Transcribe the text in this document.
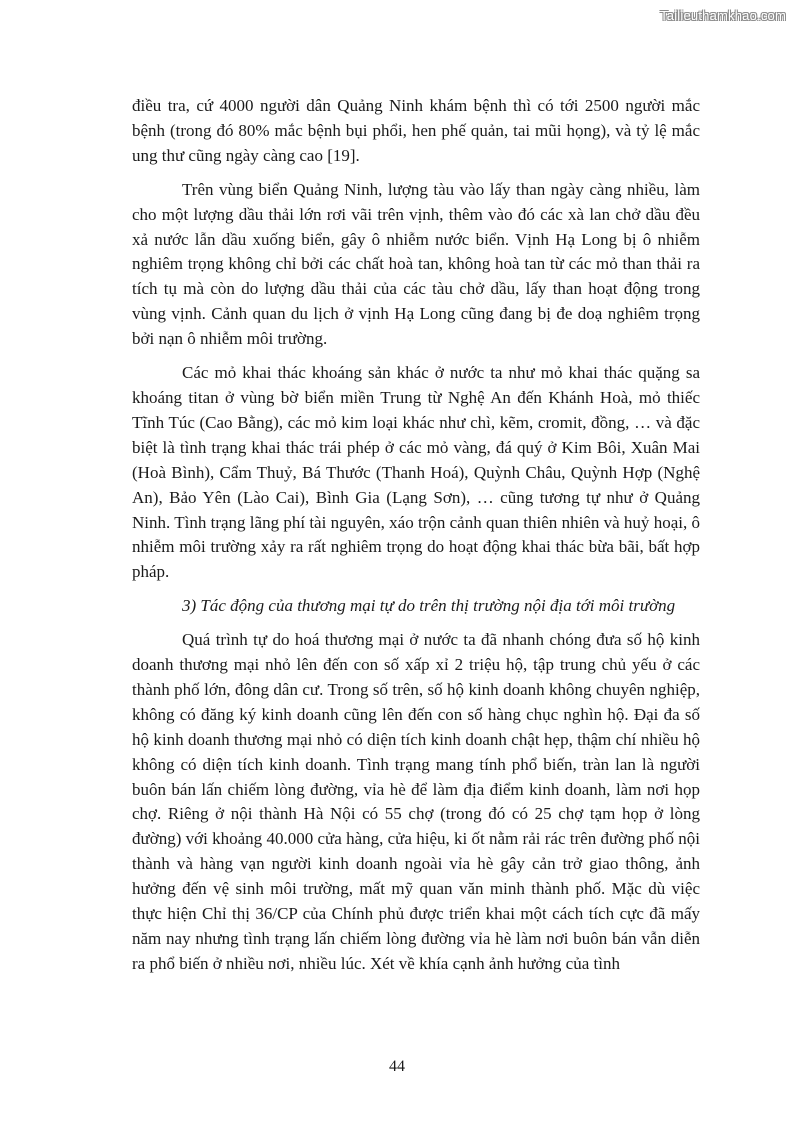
Tailieuthamkhao.com

điều tra, cứ 4000 người dân Quảng Ninh khám bệnh thì có tới 2500 người mắc bệnh (trong đó 80% mắc bệnh bụi phổi, hen phế quản, tai mũi họng), và tỷ lệ mắc ung thư cũng ngày càng cao [19].

Trên vùng biển Quảng Ninh, lượng tàu vào lấy than ngày càng nhiều, làm cho một lượng dầu thải lớn rơi vãi trên vịnh, thêm vào đó các xà lan chở dầu đều xả nước lẫn dầu xuống biển, gây ô nhiễm nước biển. Vịnh Hạ Long bị ô nhiễm nghiêm trọng không chỉ bởi các chất hoà tan, không hoà tan từ các mỏ than thải ra tích tụ mà còn do lượng dầu thải của các tàu chở dầu, lấy than hoạt động trong vùng vịnh. Cảnh quan du lịch ở vịnh Hạ Long cũng đang bị đe doạ nghiêm trọng bởi nạn ô nhiễm môi trường.

Các mỏ khai thác khoáng sản khác ở nước ta như mỏ khai thác quặng sa khoáng titan ở vùng bờ biển miền Trung từ Nghệ An đến Khánh Hoà, mỏ thiếc Tĩnh Túc (Cao Bằng), các mỏ kim loại khác như chì, kẽm, cromit, đồng, … và đặc biệt là tình trạng khai thác trái phép ở các mỏ vàng, đá quý ở Kim Bôi, Xuân Mai (Hoà Bình), Cẩm Thuỷ, Bá Thước (Thanh Hoá), Quỳnh Châu, Quỳnh Hợp (Nghệ An), Bảo Yên (Lào Cai), Bình Gia (Lạng Sơn), … cũng tương tự như ở Quảng Ninh. Tình trạng lãng phí tài nguyên, xáo trộn cảnh quan thiên nhiên và huỷ hoại, ô nhiễm môi trường xảy ra rất nghiêm trọng do hoạt động khai thác bừa bãi, bất hợp pháp.

3) Tác động của thương mại tự do trên thị trường nội địa tới môi trường

Quá trình tự do hoá thương mại ở nước ta đã nhanh chóng đưa số hộ kinh doanh thương mại nhỏ lên đến con số xấp xỉ 2 triệu hộ, tập trung chủ yếu ở các thành phố lớn, đông dân cư. Trong số trên, số hộ kinh doanh không chuyên nghiệp, không có đăng ký kinh doanh cũng lên đến con số hàng chục nghìn hộ. Đại đa số hộ kinh doanh thương mại nhỏ có diện tích kinh doanh chật hẹp, thậm chí nhiều hộ không có diện tích kinh doanh. Tình trạng mang tính phổ biến, tràn lan là người buôn bán lấn chiếm lòng đường, vỉa hè để làm địa điểm kinh doanh, làm nơi họp chợ. Riêng ở nội thành Hà Nội có 55 chợ (trong đó có 25 chợ tạm họp ở lòng đường) với khoảng 40.000 cửa hàng, cửa hiệu, ki ốt nằm rải rác trên đường phố nội thành và hàng vạn người kinh doanh ngoài vỉa hè gây cản trở giao thông, ảnh hưởng đến vệ sinh môi trường, mất mỹ quan văn minh thành phố. Mặc dù việc thực hiện Chỉ thị 36/CP của Chính phủ được triển khai một cách tích cực đã mấy năm nay nhưng tình trạng lấn chiếm lòng đường vỉa hè làm nơi buôn bán vẫn diễn ra phổ biến ở nhiều nơi, nhiều lúc. Xét về khía cạnh ảnh hưởng của tình

44
